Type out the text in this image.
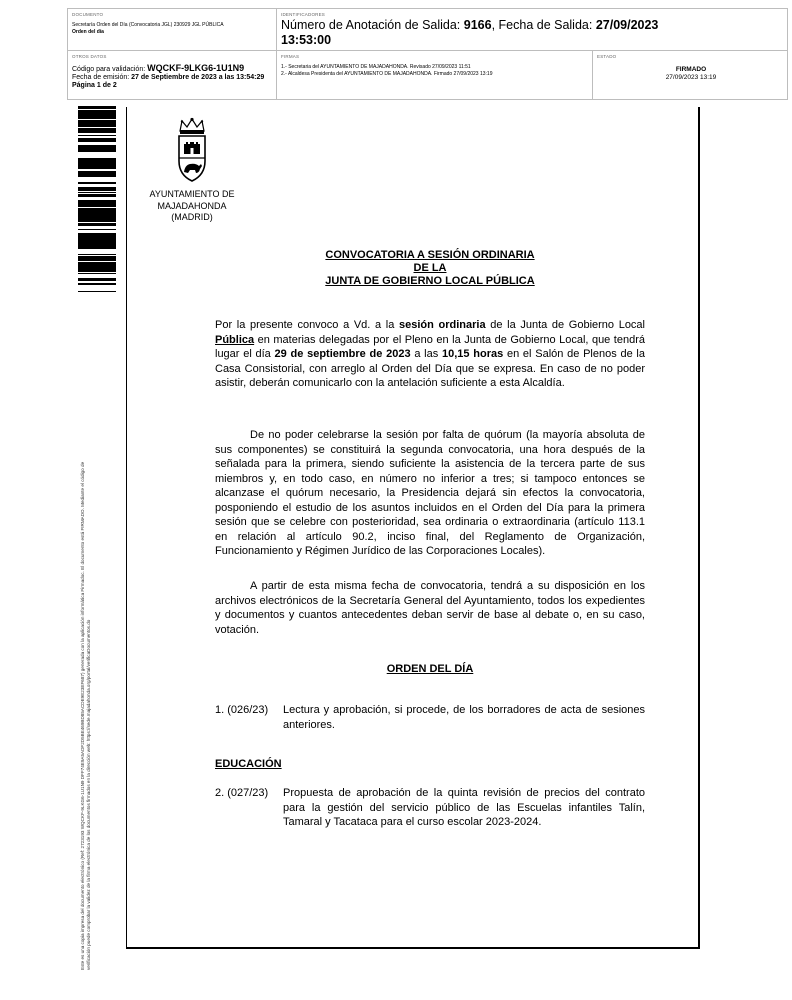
DOCUMENTO
Secretaría Orden del Día (Convocatoria JGL) 230929 JGL PÚBLICA
Orden del día
IDENTIFICADORES
Número de Anotación de Salida: 9166, Fecha de Salida: 27/09/2023
13:53:00
OTROS DATOS
Código para validación: WQCKF-9LKG6-1U1N9
Fecha de emisión: 27 de Septiembre de 2023 a las 13:54:29
Página 1 de 2
FIRMAS
1.- Secretaria del AYUNTAMIENTO DE MAJADAHONDA. Revisado 27/09/2023 11:51
2.- Alcaldesa Presidenta del AYUNTAMIENTO DE MAJADAHONDA. Firmado 27/09/2023 13:19
ESTADO
FIRMADO
27/09/2023 13:19
Este es una copia impresa del documento electrónico (Ref: 2723193 WQCKF-9LKG6-1U1N9 DFF74E9A5ADF2D5BE469BD85ACDE9E23EF687) generada con la aplicación informática Firmadoc. El documento está FIRMADO. Mediante el código de verificación puede comprobar la validez de la firma electrónica de los documentos firmados en la dirección web: https://sede.majadahonda.org/portal/verificaDocumentos.do
AYUNTAMIENTO DE
MAJADAHONDA
(MADRID)
CONVOCATORIA A SESIÓN ORDINARIA
DE LA
JUNTA DE GOBIERNO LOCAL PÚBLICA
Por la presente convoco a Vd. a la sesión ordinaria de la Junta de Gobierno Local Pública en materias delegadas por el Pleno en la Junta de Gobierno Local, que tendrá lugar el día 29 de septiembre de 2023 a las 10,15 horas en el Salón de Plenos de la Casa Consistorial, con arreglo al Orden del Día que se expresa. En caso de no poder asistir, deberán comunicarlo con la antelación suficiente a esta Alcaldía.
De no poder celebrarse la sesión por falta de quórum (la mayoría absoluta de sus componentes) se constituirá la segunda convocatoria, una hora después de la señalada para la primera, siendo suficiente la asistencia de la tercera parte de sus miembros y, en todo caso, en número no inferior a tres; si tampoco entonces se alcanzase el quórum necesario, la Presidencia dejará sin efectos la convocatoria, posponiendo el estudio de los asuntos incluidos en el Orden del Día para la primera sesión que se celebre con posterioridad, sea ordinaria o extraordinaria (artículo 113.1 en relación al artículo 90.2, inciso final, del Reglamento de Organización, Funcionamiento y Régimen Jurídico de las Corporaciones Locales).
A partir de esta misma fecha de convocatoria, tendrá a su disposición en los archivos electrónicos de la Secretaría General del Ayuntamiento, todos los expedientes y documentos y cuantos antecedentes deban servir de base al debate o, en su caso, votación.
ORDEN DEL DÍA
1. (026/23)	Lectura y aprobación, si procede, de los borradores de acta de sesiones anteriores.
EDUCACIÓN
2. (027/23)	Propuesta de aprobación de la quinta revisión de precios del contrato para la gestión del servicio público de las Escuelas infantiles Talín, Tamaral y Tacataca para el curso escolar 2023-2024.
